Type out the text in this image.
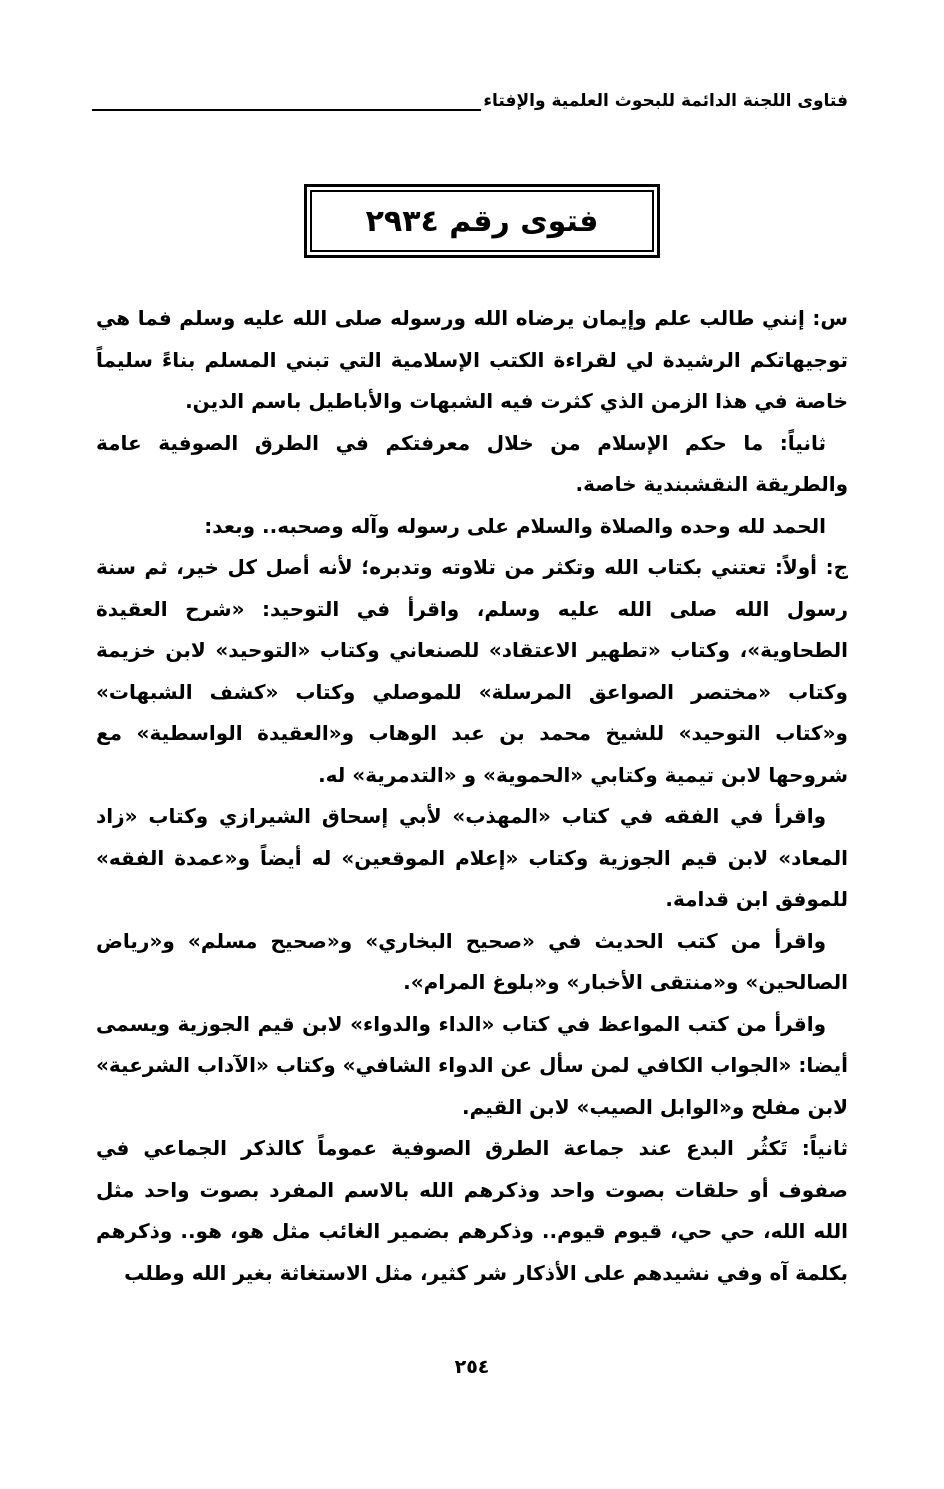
فتاوى اللجنة الدائمة للبحوث العلمية والإفتاء
فتوى رقم ٢٩٣٤

س: إنني طالب علم وإيمان يرضاه الله ورسوله صلى الله عليه وسلم فما هي توجيهاتكم الرشيدة لي لقراءة الكتب الإسلامية التي تبني المسلم بناءً سليماً خاصة في هذا الزمن الذي كثرت فيه الشبهات والأباطيل باسم الدين.

ثانياً: ما حكم الإسلام من خلال معرفتكم في الطرق الصوفية عامة والطريقة النقشبندية خاصة.

الحمد لله وحده والصلاة والسلام على رسوله وآله وصحبه.. وبعد:

ج: أولاً: تعتني بكتاب الله وتكثر من تلاوته وتدبره؛ لأنه أصل كل خير، ثم سنة رسول الله صلى الله عليه وسلم، واقرأ في التوحيد: «شرح العقيدة الطحاوية»، وكتاب «تطهير الاعتقاد» للصنعاني وكتاب «التوحيد» لابن خزيمة وكتاب «مختصر الصواعق المرسلة» للموصلي وكتاب «كشف الشبهات» و«كتاب التوحيد» للشيخ محمد بن عبد الوهاب و«العقيدة الواسطية» مع شروحها لابن تيمية وكتابي «الحموية» و «التدمرية» له.

واقرأ في الفقه في كتاب «المهذب» لأبي إسحاق الشيرازي وكتاب «زاد المعاد» لابن قيم الجوزية وكتاب «إعلام الموقعين» له أيضاً و«عمدة الفقه» للموفق ابن قدامة.

واقرأ من كتب الحديث في «صحيح البخاري» و«صحيح مسلم» و«رياض الصالحين» و«منتقى الأخبار» و«بلوغ المرام».

واقرأ من كتب المواعظ في كتاب «الداء والدواء» لابن قيم الجوزية ويسمى أيضا: «الجواب الكافي لمن سأل عن الدواء الشافي» وكتاب «الآداب الشرعية» لابن مفلح و«الوابل الصيب» لابن القيم.

ثانياً: تَكثُر البدع عند جماعة الطرق الصوفية عموماً كالذكر الجماعي في صفوف أو حلقات بصوت واحد وذكرهم الله بالاسم المفرد بصوت واحد مثل الله الله، حي حي، قيوم قيوم.. وذكرهم بضمير الغائب مثل هو، هو.. وذكرهم بكلمة آه وفي نشيدهم على الأذكار شر كثير، مثل الاستغاثة بغير الله وطلب

٢٥٤
